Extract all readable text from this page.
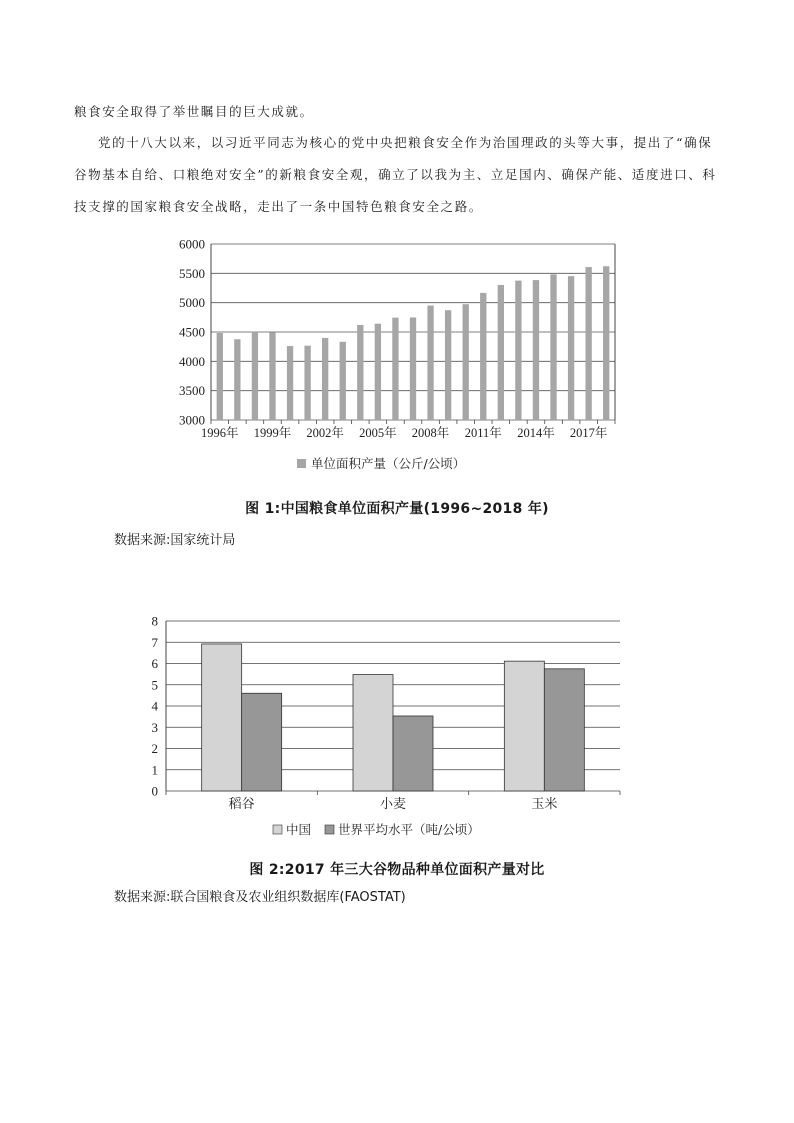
粮食安全取得了举世瞩目的巨大成就。
党的十八大以来，以习近平同志为核心的党中央把粮食安全作为治国理政的头等大事，提出了“确保
谷物基本自给、口粮绝对安全”的新粮食安全观，确立了以我为主、立足国内、确保产能、适度进口、科
技支撑的国家粮食安全战略，走出了一条中国特色粮食安全之路。
3000
3500
4000
4500
5000
5500
6000
1996年 1999年 2002年 2005年 2008年 2011年 2014年 2017年
单位面积产量（公斤/公顷）
图 1:中国粮食单位面积产量(1996~2018 年)
数据来源:国家统计局
0
1
2
3
4
5
6
7
8
稻谷	小麦	玉米
中国 世界平均水平（吨/公顷）
图 2:2017 年三大谷物品种单位面积产量对比
数据来源:联合国粮食及农业组织数据库(FAOSTAT)
